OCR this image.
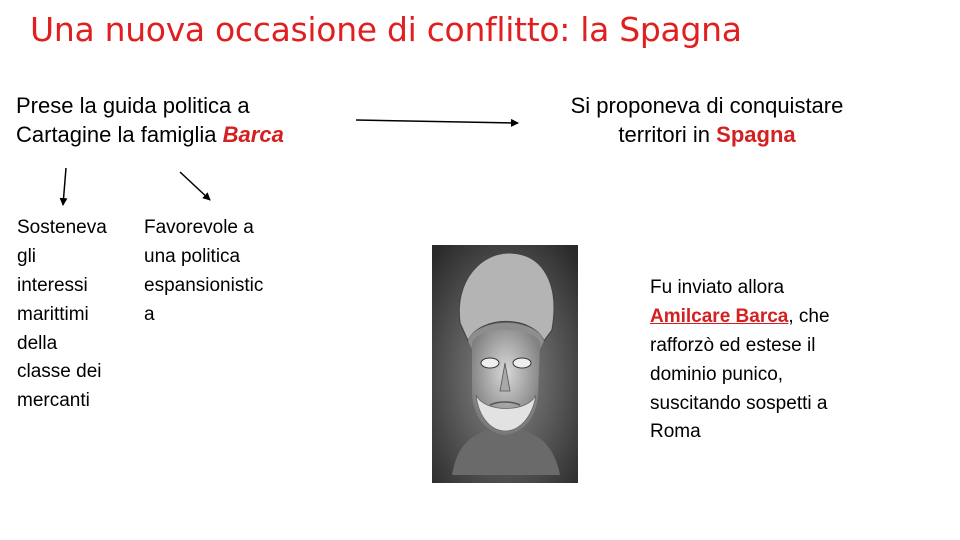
Una nuova occasione di conflitto: la Spagna
Prese la guida politica a
Cartagine la famiglia Barca
Si proponeva di conquistare
territori in Spagna
Sosteneva
gli
interessi
marittimi
della
classe dei
mercanti
Favorevole a
una politica
espansionistic
a
Fu inviato allora
Amilcare Barca, che
rafforzò ed estese il
dominio punico,
suscitando sospetti a
Roma
